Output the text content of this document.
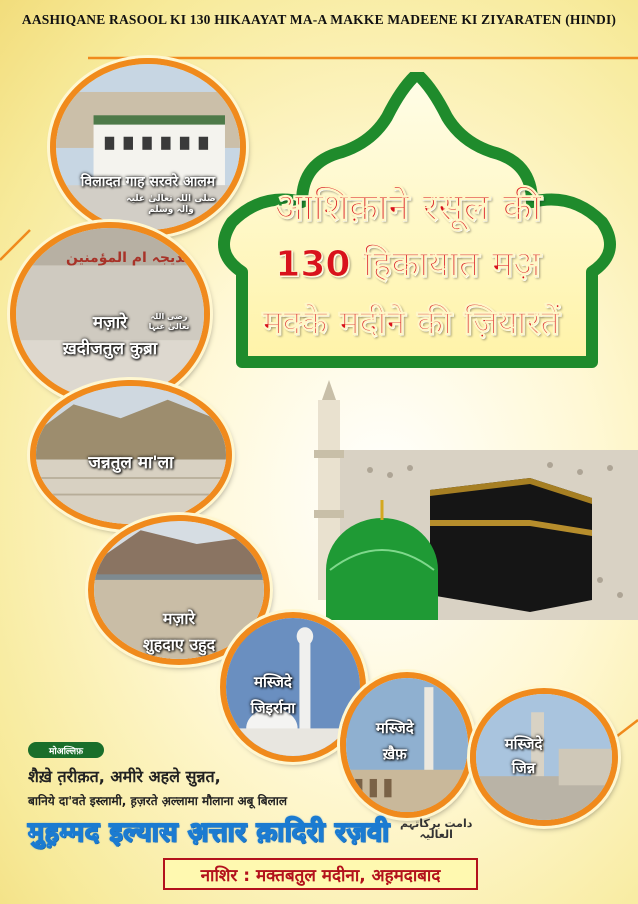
AASHIQANE RASOOL KI 130 HIKAAYAT MA-A MAKKE MADEENE KI ZIYARATEN (HINDI)
आशिक़ाने रसूल की
130 हिकायात मअ़
मक्के मदीने की ज़ियारतें
विलादत गाह सरवरे आलम
صلی اللہ تعالیٰ علیہ والہ وسلم
خدیجہ ام المؤمنین
मज़ारे
ख़दीजतुल कुब्रा
رضی اللہ تعالیٰ عنہا
जन्नतुल मा'ला
मज़ारे
शुहदाए उहुद
मस्जिदे
जिइर्राना
मस्जिदे
ख़ैफ़
मस्जिदे
जिन्न
मोअल्लिफ़
शैख़े त़रीक़त, अमीरे अहले सुन्नत,
बानिये दा'वते इस्लामी, ह़ज़रते अ़ल्लामा मौलाना अबू बिलाल
मुह़म्मद इल्यास अ़त्तार क़ादिरी रज़वी دامت برکاتہم
العالیہ
नाशिर : मक्तबतुल मदीना, अह़मदाबाद
